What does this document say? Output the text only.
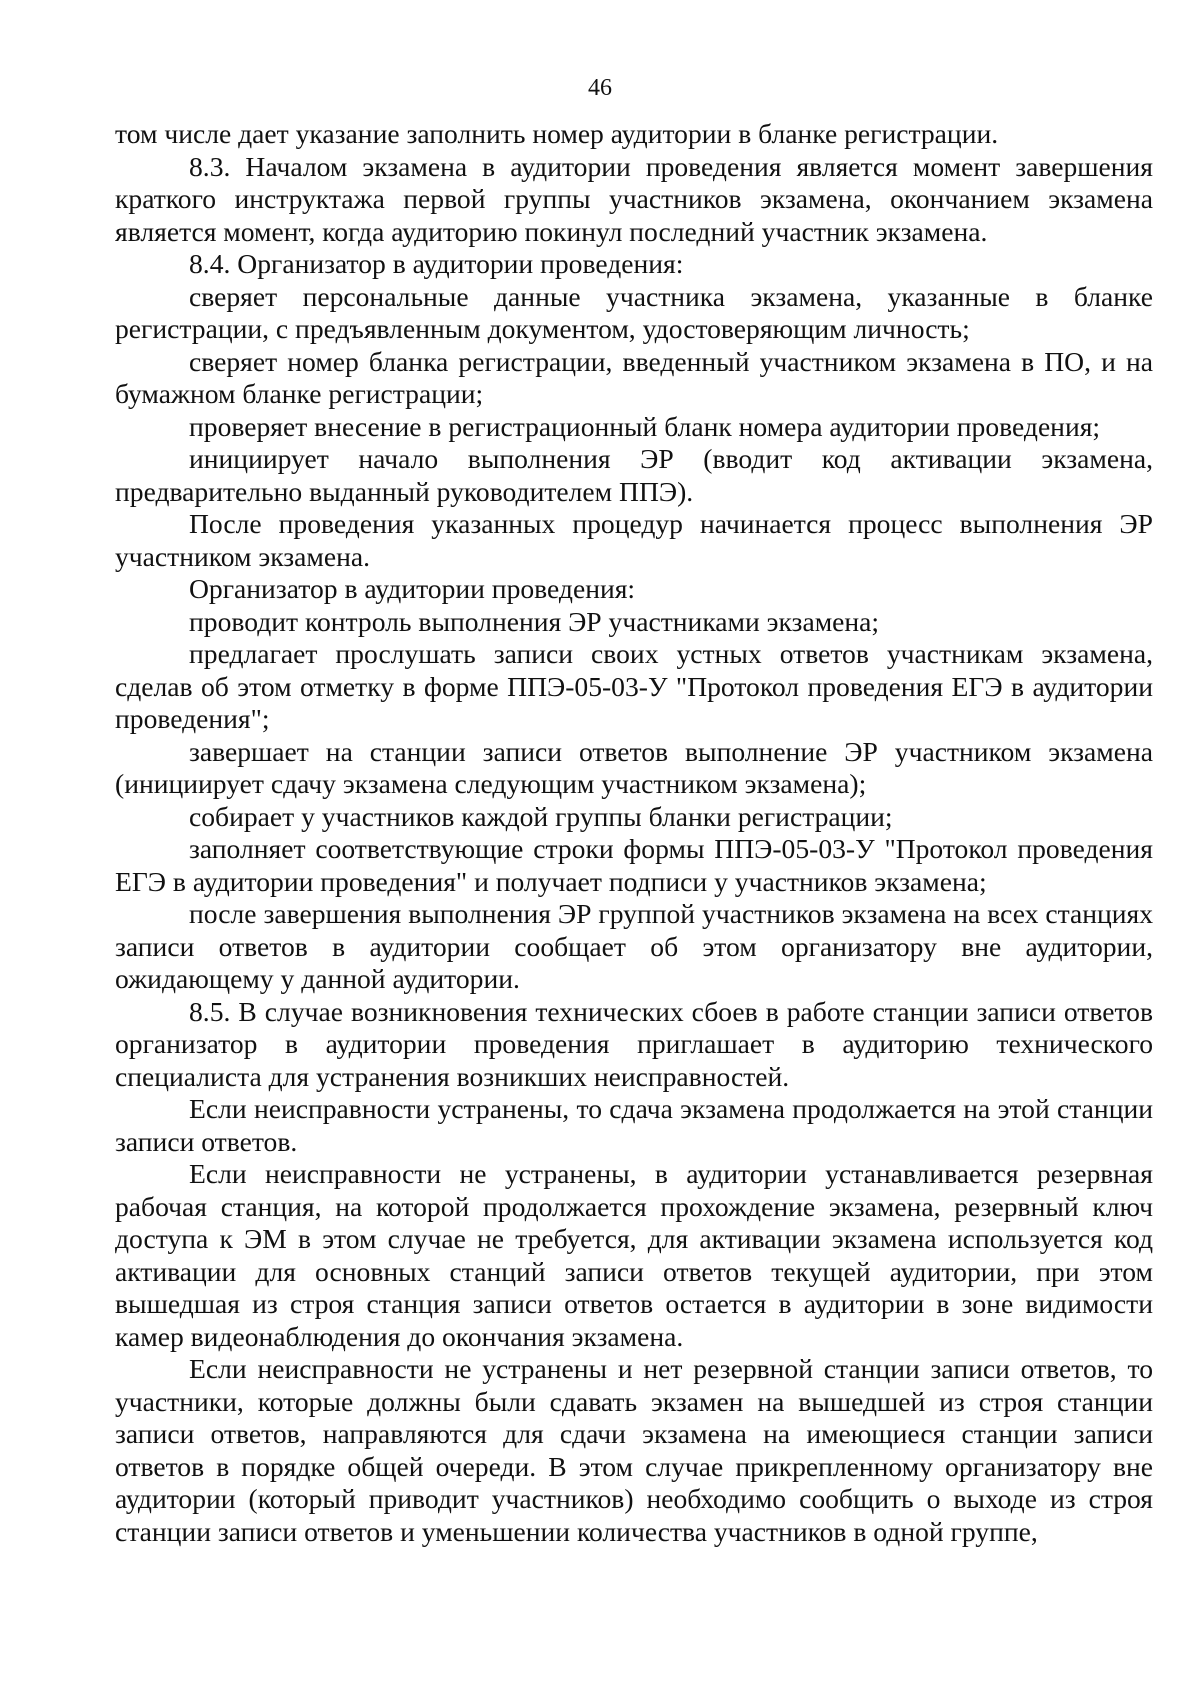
46

том числе дает указание заполнить номер аудитории в бланке регистрации.

8.3. Началом экзамена в аудитории проведения является момент завершения краткого инструктажа первой группы участников экзамена, окончанием экзамена является момент, когда аудиторию покинул последний участник экзамена.

8.4. Организатор в аудитории проведения:

сверяет персональные данные участника экзамена, указанные в бланке регистрации, с предъявленным документом, удостоверяющим личность;

сверяет номер бланка регистрации, введенный участником экзамена в ПО, и на бумажном бланке регистрации;

проверяет внесение в регистрационный бланк номера аудитории проведения;

инициирует начало выполнения ЭР (вводит код активации экзамена, предварительно выданный руководителем ППЭ).

После проведения указанных процедур начинается процесс выполнения ЭР участником экзамена.

Организатор в аудитории проведения:

проводит контроль выполнения ЭР участниками экзамена;

предлагает прослушать записи своих устных ответов участникам экзамена, сделав об этом отметку в форме ППЭ-05-03-У "Протокол проведения ЕГЭ в аудитории проведения";

завершает на станции записи ответов выполнение ЭР участником экзамена (инициирует сдачу экзамена следующим участником экзамена);

собирает у участников каждой группы бланки регистрации;

заполняет соответствующие строки формы ППЭ-05-03-У "Протокол проведения ЕГЭ в аудитории проведения" и получает подписи у участников экзамена;

после завершения выполнения ЭР группой участников экзамена на всех станциях записи ответов в аудитории сообщает об этом организатору вне аудитории, ожидающему у данной аудитории.

8.5. В случае возникновения технических сбоев в работе станции записи ответов организатор в аудитории проведения приглашает в аудиторию технического специалиста для устранения возникших неисправностей.

Если неисправности устранены, то сдача экзамена продолжается на этой станции записи ответов.

Если неисправности не устранены, в аудитории устанавливается резервная рабочая станция, на которой продолжается прохождение экзамена, резервный ключ доступа к ЭМ в этом случае не требуется, для активации экзамена используется код активации для основных станций записи ответов текущей аудитории, при этом вышедшая из строя станция записи ответов остается в аудитории в зоне видимости камер видеонаблюдения до окончания экзамена.

Если неисправности не устранены и нет резервной станции записи ответов, то участники, которые должны были сдавать экзамен на вышедшей из строя станции записи ответов, направляются для сдачи экзамена на имеющиеся станции записи ответов в порядке общей очереди. В этом случае прикрепленному организатору вне аудитории (который приводит участников) необходимо сообщить о выходе из строя станции записи ответов и уменьшении количества участников в одной группе,
